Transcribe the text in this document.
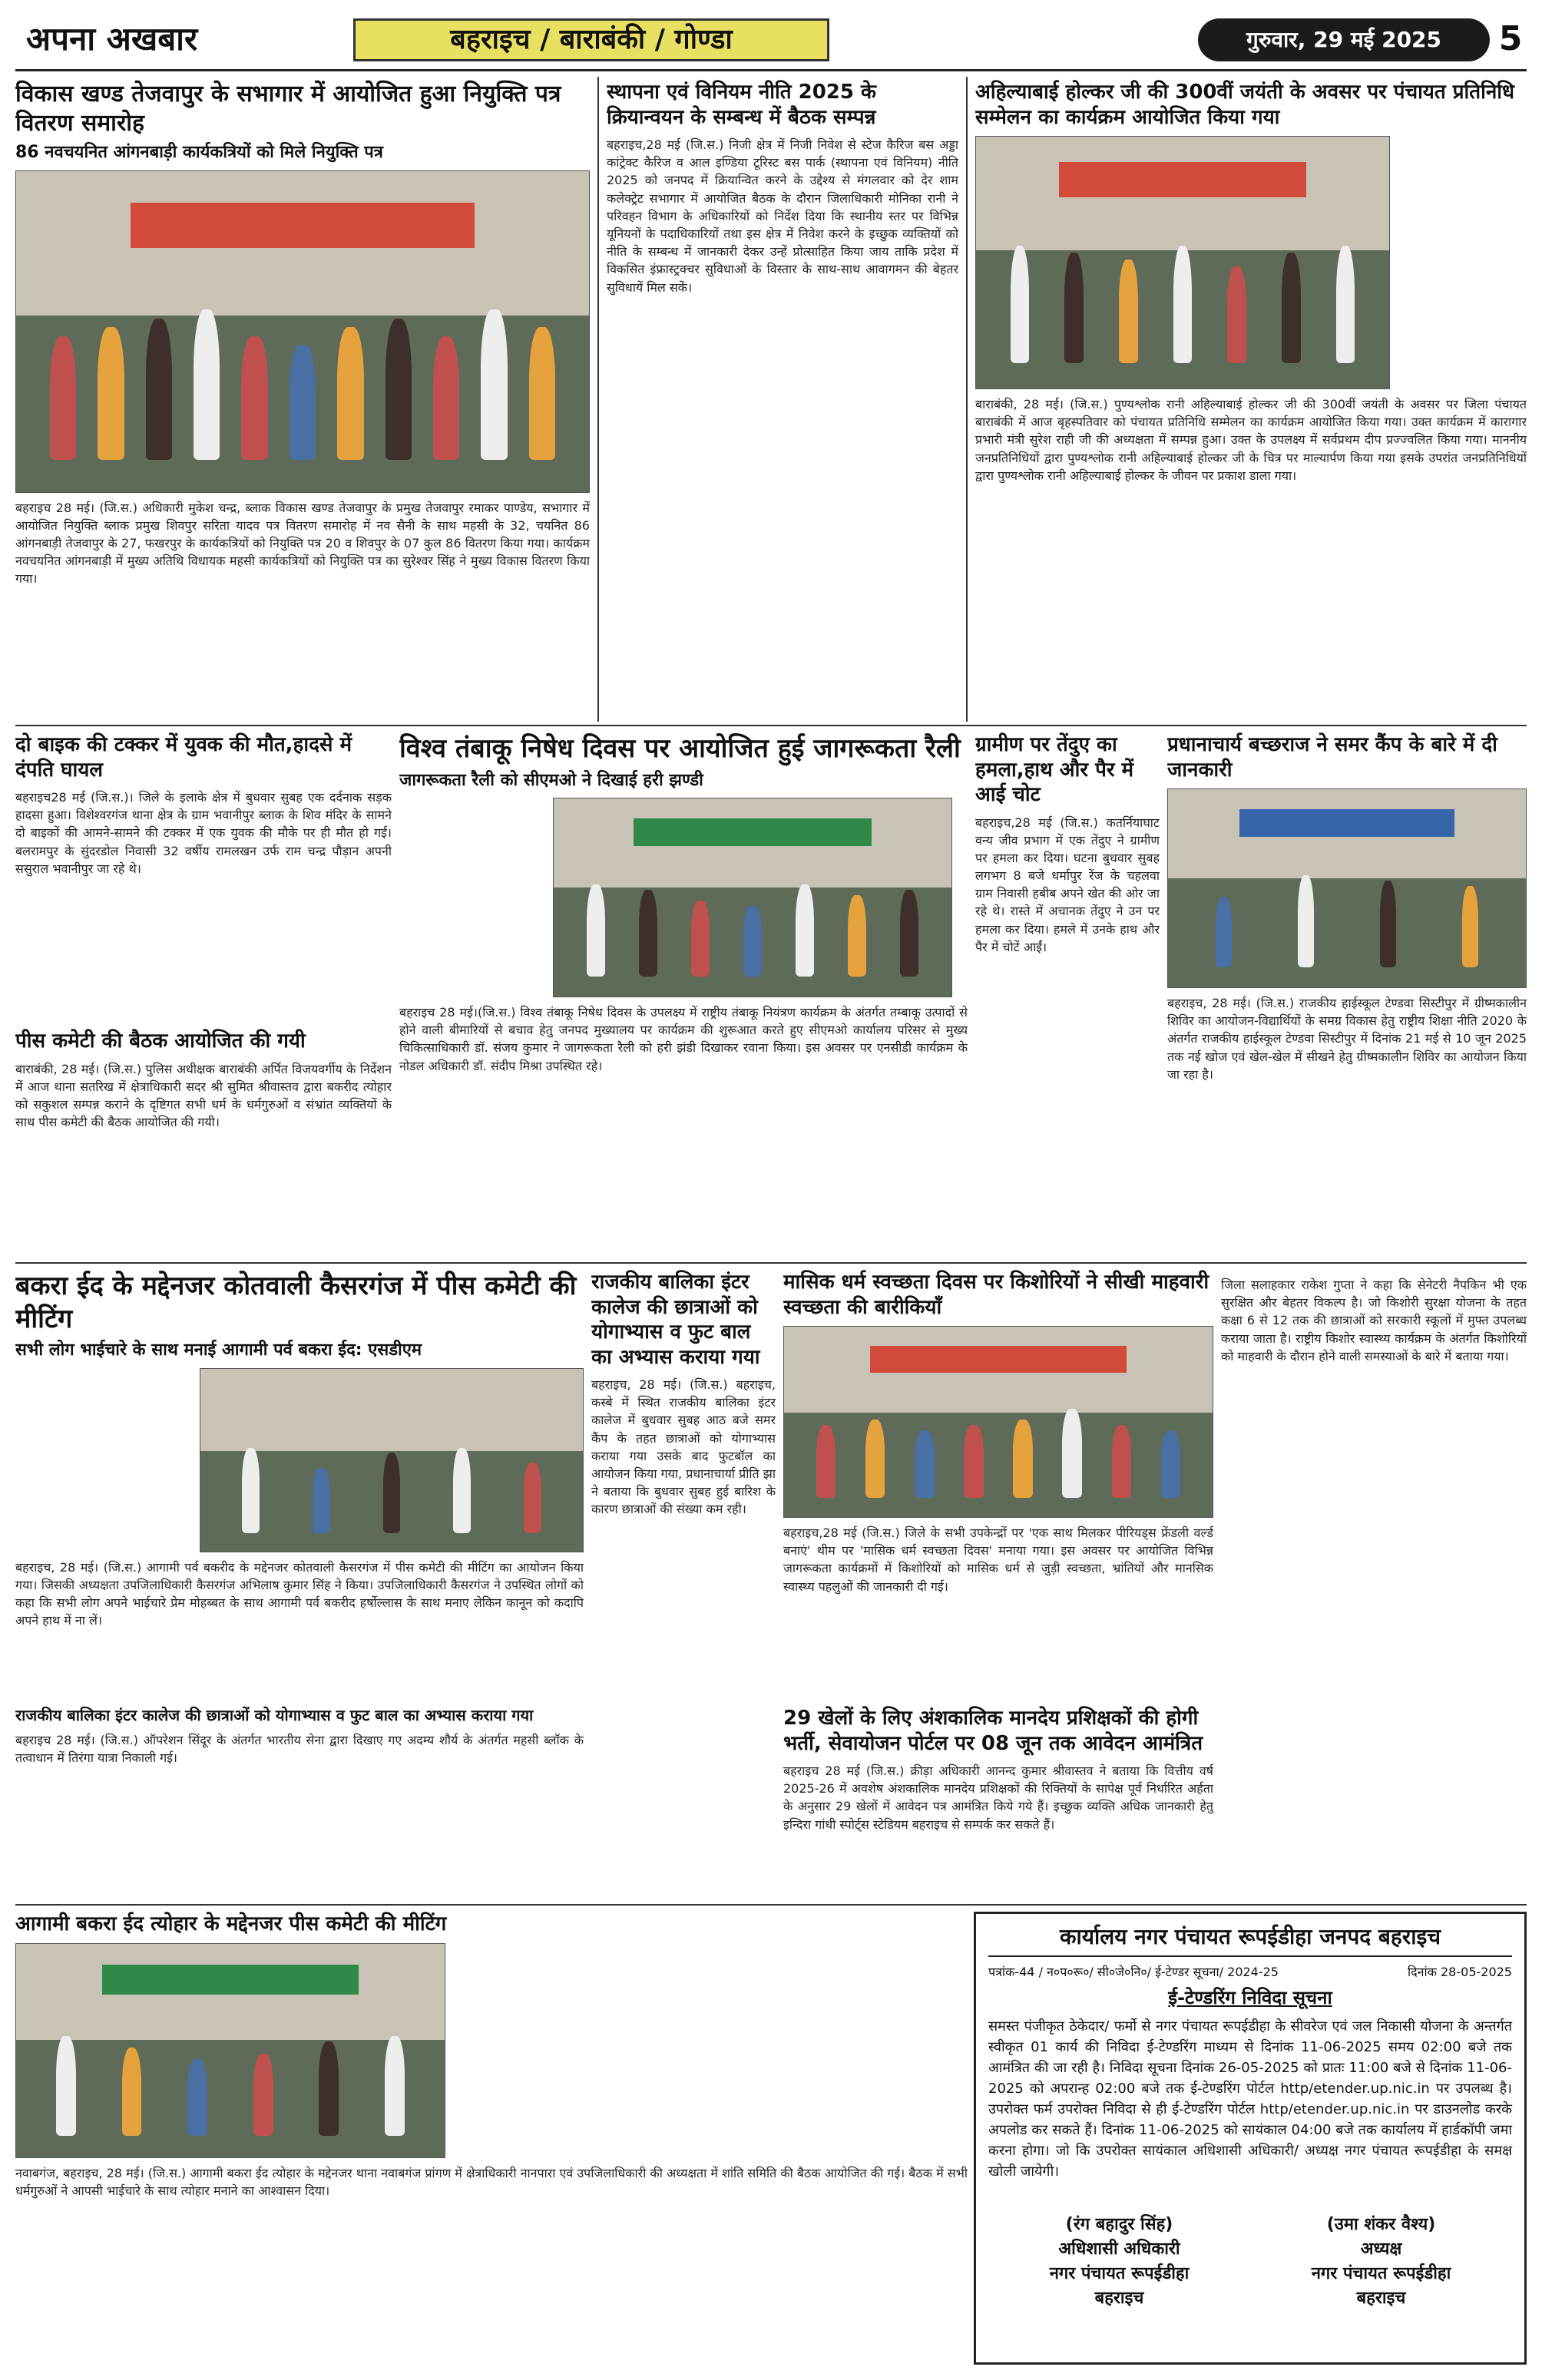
अपना अखबार	बहराइच / बाराबंकी / गोण्डा	गुरुवार, 29 मई 2025	5
विकास खण्ड तेजवापुर के सभागार में आयोजित हुआ नियुक्ति पत्र वितरण समारोह
86 नवचयनित आंगनबाड़ी कार्यकत्रियों को मिले नियुक्ति पत्र
बहराइच 28 मई। (जि.स.) अधिकारी मुकेश चन्द्र, ब्लाक विकास खण्ड तेजवापुर के प्रमुख तेजवापुर रमाकर पाण्डेय, सभागार में आयोजित नियुक्ति ब्लाक प्रमुख शिवपुर सरिता यादव पत्र वितरण समारोह में नव सैनी के साथ महसी के 32, चयनित 86 आंगनबाड़ी तेजवापुर के 27, फखरपुर के कार्यकत्रियों को नियुक्ति पत्र 20 व शिवपुर के 07 कुल 86 वितरण किया गया। कार्यक्रम नवचयनित आंगनबाड़ी में मुख्य अतिथि विधायक महसी कार्यकत्रियों को नियुक्ति पत्र का सुरेश्वर सिंह ने मुख्य विकास वितरण किया गया।
स्थापना एवं विनियम नीति 2025 के क्रियान्वयन के सम्बन्ध में बैठक सम्पन्न
बहराइच,28 मई (जि.स.) निजी क्षेत्र में निजी निवेश से स्टेज कैरिज बस अड्डा कांट्रेक्ट कैरिज व आल इण्डिया टूरिस्ट बस पार्क (स्थापना एवं विनियम) नीति 2025 को जनपद में क्रियान्वित करने के उद्देश्य से मंगलवार को देर शाम कलेक्ट्रेट सभागार में आयोजित बैठक के दौरान जिलाधिकारी मोनिका रानी ने परिवहन विभाग के अधिकारियों को निर्देश दिया कि स्थानीय स्तर पर विभिन्न यूनियनों के पदाधिकारियों तथा इस क्षेत्र में निवेश करने के इच्छुक व्यक्तियों को नीति के सम्बन्ध में जानकारी देकर उन्हें प्रोत्साहित किया जाय ताकि प्रदेश में विकसित इंफ्रास्ट्रक्चर सुविधाओं के विस्तार के साथ-साथ आवागमन की बेहतर सुविधायें मिल सकें।
अहिल्याबाई होल्कर जी की 300वीं जयंती के अवसर पर पंचायत प्रतिनिधि सम्मेलन का कार्यक्रम आयोजित किया गया
बाराबंकी, 28 मई। (जि.स.) पुण्यश्लोक रानी अहिल्याबाई होल्कर जी की 300वीं जयंती के अवसर पर जिला पंचायत बाराबंकी में आज बृहस्पतिवार को पंचायत प्रतिनिधि सम्मेलन का कार्यक्रम आयोजित किया गया। उक्त कार्यक्रम में कारागार प्रभारी मंत्री सुरेश राही जी की अध्यक्षता में सम्पन्न हुआ। उक्त के उपलक्ष्य में सर्वप्रथम दीप प्रज्ज्वलित किया गया। माननीय जनप्रतिनिधियों द्वारा पुण्यश्लोक रानी अहिल्याबाई होल्कर जी के चित्र पर माल्यार्पण किया गया इसके उपरांत जनप्रतिनिधियों द्वारा पुण्यश्लोक रानी अहिल्याबाई होल्कर के जीवन पर प्रकाश डाला गया।
दो बाइक की टक्कर में युवक की मौत,हादसे में दंपति घायल
बहराइच28 मई (जि.स.)। जिले के इलाके क्षेत्र में बुधवार सुबह एक दर्दनाक सड़क हादसा हुआ। विशेश्वरगंज थाना क्षेत्र के ग्राम भवानीपुर ब्लाक के शिव मंदिर के सामने दो बाइकों की आमने-सामने की टक्कर में एक युवक की मौके पर ही मौत हो गई। बलरामपुर के सुंदरडोल निवासी 32 वर्षीय रामलखन उर्फ राम चन्द्र पौड़ान अपनी ससुराल भवानीपुर जा रहे थे।
पीस कमेटी की बैठक आयोजित की गयी
बाराबंकी, 28 मई। (जि.स.) पुलिस अधीक्षक बाराबंकी अर्पित विजयवर्गीय के निर्देशन में आज थाना सतरिख में क्षेत्राधिकारी सदर श्री सुमित श्रीवास्तव द्वारा बकरीद त्योहार को सकुशल सम्पन्न कराने के दृष्टिगत सभी धर्म के धर्मगुरुओं व संभ्रांत व्यक्तियों के साथ पीस कमेटी की बैठक आयोजित की गयी।
विश्व तंबाकू निषेध दिवस पर आयोजित हुई जागरूकता रैली
जागरूकता रैली को सीएमओ ने दिखाई हरी झण्डी
बहराइच 28 मई।(जि.स.) विश्व तंबाकू निषेध दिवस के उपलक्ष्य में राष्ट्रीय तंबाकू नियंत्रण कार्यक्रम के अंतर्गत तम्बाकू उत्पादों से होने वाली बीमारियों से बचाव हेतु जनपद मुख्यालय पर कार्यक्रम की शुरूआत करते हुए सीएमओ कार्यालय परिसर से मुख्य चिकित्साधिकारी डॉ. संजय कुमार ने जागरूकता रैली को हरी झंडी दिखाकर रवाना किया। इस अवसर पर एनसीडी कार्यक्रम के नोडल अधिकारी डॉ. संदीप मिश्रा उपस्थित रहे।
ग्रामीण पर तेंदुए का हमला,हाथ और पैर में आई चोट
बहराइच,28 मई (जि.स.) कतर्नियाघाट वन्य जीव प्रभाग में एक तेंदुए ने ग्रामीण पर हमला कर दिया। घटना बुधवार सुबह लगभग 8 बजे धर्मापुर रेंज के चहलवा ग्राम निवासी हबीब अपने खेत की ओर जा रहे थे। रास्ते में अचानक तेंदुए ने उन पर हमला कर दिया। हमले में उनके हाथ और पैर में चोटें आईं।
प्रधानाचार्य बच्छराज ने समर कैंप के बारे में दी जानकारी
बहराइच, 28 मई। (जि.स.) राजकीय हाईस्कूल टेण्डवा सिस्टीपुर में ग्रीष्मकालीन शिविर का आयोजन-विद्यार्थियों के समग्र विकास हेतु राष्ट्रीय शिक्षा नीति 2020 के अंतर्गत राजकीय हाईस्कूल टेण्डवा सिस्टीपुर में दिनांक 21 मई से 10 जून 2025 तक नई खोज एवं खेल-खेल में सीखने हेतु ग्रीष्मकालीन शिविर का आयोजन किया जा रहा है।
बकरा ईद के मद्देनजर कोतवाली कैसरगंज में पीस कमेटी की मीटिंग
सभी लोग भाईचारे के साथ मनाई आगामी पर्व बकरा ईद: एसडीएम
बहराइच, 28 मई। (जि.स.) आगामी पर्व बकरीद के मद्देनजर कोतवाली कैसरगंज में पीस कमेटी की मीटिंग का आयोजन किया गया। जिसकी अध्यक्षता उपजिलाधिकारी कैसरगंज अभिलाष कुमार सिंह ने किया। उपजिलाधिकारी कैसरगंज ने उपस्थित लोगों को कहा कि सभी लोग अपने भाईचारे प्रेम मोहब्बत के साथ आगामी पर्व बकरीद हर्षोल्लास के साथ मनाए लेकिन कानून को कदापि अपने हाथ में ना लें।
राजकीय बालिका इंटर कालेज की छात्राओं को योगाभ्यास व फुट बाल का अभ्यास कराया गया
बहराइच, 28 मई। (जि.स.) बहराइच, कस्बे में स्थित राजकीय बालिका इंटर कालेज में बुधवार सुबह आठ बजे समर कैंप के तहत छात्राओं को योगाभ्यास कराया गया उसके बाद फुटबॉल का आयोजन किया गया, प्रधानाचार्या प्रीति झा ने बताया कि बुधवार सुबह हुई बारिश के कारण छात्राओं की संख्या कम रही।
मासिक धर्म स्वच्छता दिवस पर किशोरियों ने सीखी माहवारी स्वच्छता की बारीकियाँ
बहराइच,28 मई (जि.स.) जिले के सभी उपकेन्द्रों पर 'एक साथ मिलकर पीरियड्स फ्रेंडली वर्ल्ड बनाएं' थीम पर 'मासिक धर्म स्वच्छता दिवस' मनाया गया। इस अवसर पर आयोजित विभिन्न जागरूकता कार्यक्रमों में किशोरियों को मासिक धर्म से जुड़ी स्वच्छता, भ्रांतियों और मानसिक स्वास्थ्य पहलुओं की जानकारी दी गई।
जिला सलाहकार राकेश गुप्ता ने कहा कि सेनेटरी नैपकिन भी एक सुरक्षित और बेहतर विकल्प है। जो किशोरी सुरक्षा योजना के तहत कक्षा 6 से 12 तक की छात्राओं को सरकारी स्कूलों में मुफ्त उपलब्ध कराया जाता है। राष्ट्रीय किशोर स्वास्थ्य कार्यक्रम के अंतर्गत किशोरियों को माहवारी के दौरान होने वाली समस्याओं के बारे में बताया गया।
29 खेलों के लिए अंशकालिक मानदेय प्रशिक्षकों की होगी भर्ती, सेवायोजन पोर्टल पर 08 जून तक आवेदन आमंत्रित
बहराइच 28 मई (जि.स.) क्रीड़ा अधिकारी आनन्द कुमार श्रीवास्तव ने बताया कि वित्तीय वर्ष 2025-26 में अवशेष अंशकालिक मानदेय प्रशिक्षकों की रिक्तियों के सापेक्ष पूर्व निर्धारित अर्हता के अनुसार 29 खेलों में आवेदन पत्र आमंत्रित किये गये हैं। इच्छुक व्यक्ति अधिक जानकारी हेतु इन्दिरा गांधी स्पोर्ट्स स्टेडियम बहराइच से सम्पर्क कर सकते हैं।
राजकीय बालिका इंटर कालेज की छात्राओं को योगाभ्यास व फुट बाल का अभ्यास कराया गया
बहराइच 28 मई। (जि.स.) ऑपरेशन सिंदूर के अंतर्गत भारतीय सेना द्वारा दिखाए गए अदम्य शौर्य के अंतर्गत महसी ब्लॉक के तत्वाधान में तिरंगा यात्रा निकाली गई।
आगामी बकरा ईद त्योहार के मद्देनजर पीस कमेटी की मीटिंग
नवाबगंज, बहराइच, 28 मई। (जि.स.) आगामी बकरा ईद त्योहार के मद्देनजर थाना नवाबगंज प्रांगण में क्षेत्राधिकारी नानपारा एवं उपजिलाधिकारी की अध्यक्षता में शांति समिति की बैठक आयोजित की गई। बैठक में सभी धर्मगुरुओं ने आपसी भाईचारे के साथ त्योहार मनाने का आश्वासन दिया।
कार्यालय नगर पंचायत रूपईडीहा जनपद बहराइच
पत्रांक-44 / न०प०रू०/ सी०जे०नि०/ ई-टेण्डर सूचना/ 2024-25	दिनांक 28-05-2025
ई-टेण्डरिंग निविदा सूचना
समस्त पंजीकृत ठेकेदार/ फर्मो से नगर पंचायत रूपईडीहा के सीवरेज एवं जल निकासी योजना के अन्तर्गत स्वीकृत 01 कार्य की निविदा ई-टेण्डरिंग माध्यम से दिनांक 11-06-2025 समय 02:00 बजे तक आमंत्रित की जा रही है। निविदा सूचना दिनांक 26-05-2025 को प्रातः 11:00 बजे से दिनांक 11-06-2025 को अपरान्ह 02:00 बजे तक ई-टेण्डरिंग पोर्टल http/etender.up.nic.in पर उपलब्ध है। उपरोक्त फर्म उपरोक्त निविदा से ही ई-टेण्डरिंग पोर्टल http/etender.up.nic.in पर डाउनलोड करके अपलोड कर सकते हैं। दिनांक 11-06-2025 को सायंकाल 04:00 बजे तक कार्यालय में हार्डकॉपी जमा करना होगा। जो कि उपरोक्त सायंकाल अधिशासी अधिकारी/ अध्यक्ष नगर पंचायत रूपईडीहा के समक्ष खोली जायेगी।
(रंग बहादुर सिंह)
अधिशासी अधिकारी
नगर पंचायत रूपईडीहा
बहराइच
(उमा शंकर वैश्य)
अध्यक्ष
नगर पंचायत रूपईडीहा
बहराइच
